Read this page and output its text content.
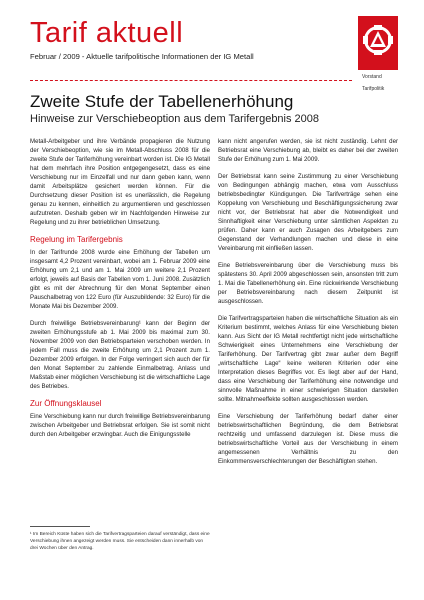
Tarif aktuell
Februar / 2009 - Aktuelle tarifpolitische Informationen der IG Metall
Vorstand
Tarifpolitik
Zweite Stufe der Tabellenerhöhung
Hinweise zur Verschiebeoption aus dem Tarifergebnis 2008

Metall-Arbeitgeber und ihre Verbände propagieren die Nutzung der Verschiebeoption, wie sie im Metall-Abschluss 2008 für die zweite Stufe der Tariferhöhung vereinbart worden ist. Die IG Metall hat dem mehrfach ihre Position entgegengesetzt, dass es eine Verschiebung nur im Einzelfall und nur dann geben kann, wenn damit Arbeitsplätze gesichert werden können. Für die Durchsetzung dieser Position ist es unerlässlich, die Regelung genau zu kennen, einheitlich zu argumentieren und geschlossen aufzutreten. Deshalb geben wir im Nachfolgenden Hinweise zur Regelung und zu ihrer betrieblichen Umsetzung.

Regelung im Tarifergebnis

In der Tarifrunde 2008 wurde eine Erhöhung der Tabellen um insgesamt 4,2 Prozent vereinbart, wobei am 1. Februar 2009 eine Erhöhung um 2,1 und am 1. Mai 2009 um weitere 2,1 Prozent erfolgt, jeweils auf Basis der Tabellen vom 1. Juni 2008. Zusätzlich gibt es mit der Abrechnung für den Monat September einen Pauschalbetrag von 122 Euro (für Auszubildende: 32 Euro) für die Monate Mai bis Dezember 2009.

Durch freiwillige Betriebsvereinbarung¹ kann der Beginn der zweiten Erhöhungsstufe ab 1. Mai 2009 bis maximal zum 30. November 2009 von den Betriebsparteien verschoben werden. In jedem Fall muss die zweite Erhöhung um 2,1 Prozent zum 1. Dezember 2009 erfolgen. In der Folge verringert sich auch der für den Monat September zu zahlende Einmalbetrag. Anlass und Maßstab einer möglichen Verschiebung ist die wirtschaftliche Lage des Betriebes.

Zur Öffnungsklausel

Eine Verschiebung kann nur durch freiwillige Betriebsvereinbarung zwischen Arbeitgeber und Betriebsrat erfolgen. Sie ist somit nicht durch den Arbeitgeber erzwingbar. Auch die Einigungsstelle

kann nicht angerufen werden, sie ist nicht zuständig. Lehnt der Betriebsrat eine Verschiebung ab, bleibt es daher bei der zweiten Stufe der Erhöhung zum 1. Mai 2009.

Der Betriebsrat kann seine Zustimmung zu einer Verschiebung von Bedingungen abhängig machen, etwa vom Ausschluss betriebsbedingter Kündigungen. Die Tarifverträge sehen eine Koppelung von Verschiebung und Beschäftigungssicherung zwar nicht vor, der Betriebsrat hat aber die Notwendigkeit und Sinnhaftigkeit einer Verschiebung unter sämtlichen Aspekten zu prüfen. Daher kann er auch Zusagen des Arbeitgebers zum Gegenstand der Verhandlungen machen und diese in eine Vereinbarung mit einfließen lassen.

Eine Betriebsvereinbarung über die Verschiebung muss bis spätestens 30. April 2009 abgeschlossen sein, ansonsten tritt zum 1. Mai die Tabellenerhöhung ein. Eine rückwirkende Verschiebung per Betriebsvereinbarung nach diesem Zeitpunkt ist ausgeschlossen.

Die Tarifvertragsparteien haben die wirtschaftliche Situation als ein Kriterium bestimmt, welches Anlass für eine Verschiebung bieten kann. Aus Sicht der IG Metall rechtfertigt nicht jede wirtschaftliche Schwierigkeit eines Unternehmens eine Verschiebung der Tariferhöhung. Der Tarifvertrag gibt zwar außer dem Begriff „wirtschaftliche Lage“ keine weiteren Kriterien oder eine Interpretation dieses Begriffes vor. Es liegt aber auf der Hand, dass eine Verschiebung der Tariferhöhung eine notwendige und sinnvolle Maßnahme in einer schwierigen Situation darstellen sollte. Mitnahmeeffekte sollten ausgeschlossen werden.

Eine Verschiebung der Tariferhöhung bedarf daher einer betriebswirtschaftlichen Begründung, die dem Betriebsrat rechtzeitig und umfassend darzulegen ist. Diese muss die betriebswirtschaftliche Vorteil aus der Verschiebung in einem angemessenen Verhältnis zu den Einkommensverschlechterungen der Beschäftigten stehen.

¹ Im Bereich Küste haben sich die Tarifvertragsparteien darauf verständigt, dass eine Verschiebung ihnen angezeigt werden muss. Sie entscheiden dann innerhalb von drei Wochen über den Antrag.
